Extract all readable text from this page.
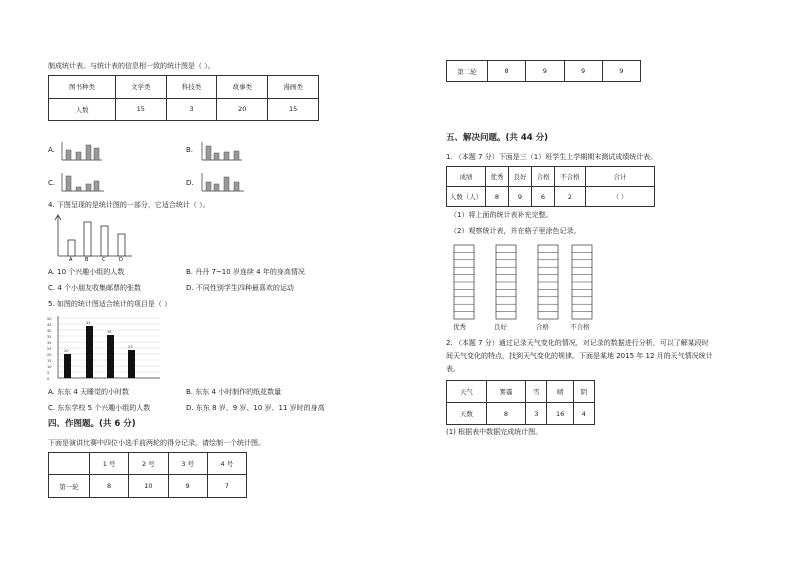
制成统计表。与统计表的信息相一致的统计图是（ ）。
图书种类	文学类	科技类	故事类	漫画类
人数	15	3	20	15
A.	B.
C.	D.
4. 下图呈现的是统计图的一部分，它适合统计（ ）。
A	B	C	D
A. 10 个兴趣小组的人数	B. 丹丹 7~10 岁连续 4 年的身高情况
C. 4 个小朋友收集邮票的张数	D. 不同性别学生四种最喜欢的运动
5. 如图的统计图适合统计的项目是（ ）
0
5
10
15
20
25
30
35
40
45
50
20
43
36
23
A. 东东 4 天睡觉的小时数	B. 东东 4 小时制作的纸花数量
C. 东东学校 5 个兴趣小组的人数	D. 东东 8 岁、9 岁、10 岁、11 岁时的身高
四、作图题。(共 6 分)
下面是演讲比赛中四位小选手前两轮的得分记录。请绘制一个统计图。
	1 号	2 号	3 号	4 号
第一轮	8	10	9	7
第二轮	8	9	9	9
五、解决问题。(共 44 分)
1. （本题 7 分）下面是三（1）班学生上学期期末测试成绩统计表。
成绩	优秀	良好	合格	不合格	合计
人数（人）	8	9	6	2	（ ）
（1）将上面的统计表补充完整。
（2）观察统计表，并在格子里涂色记录。
优秀	良好	合格	不合格
2. （本题 7 分）通过记录天气变化的情况，对记录的数据进行分析，可以了解某段时
间天气变化的特点，找到天气变化的规律。下面是某地 2015 年 12 月的天气情况统计
表。
天气	雾霾	雪	晴	阴
天数	8	3	16	4
(1) 根据表中数据完成统计图。
